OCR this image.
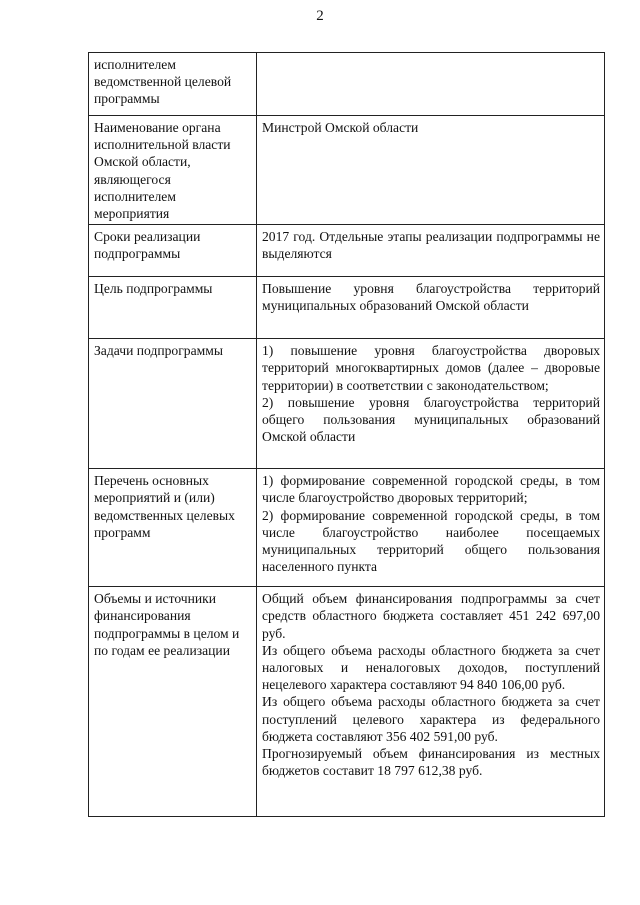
2
исполнителем ведомственной целевой программы	
Наименование органа исполнительной власти Омской области, являющегося исполнителем мероприятия	Минстрой Омской области
Сроки реализации подпрограммы	2017 год. Отдельные этапы реализации подпрограммы не выделяются
Цель подпрограммы	Повышение уровня благоустройства территорий муниципальных образований Омской области
Задачи подпрограммы	1) повышение уровня благоустройства дворовых территорий многоквартирных домов (далее – дворовые территории) в соответствии с законодательством;
2) повышение уровня благоустройства территорий общего пользования муниципальных образований Омской области

Перечень основных мероприятий и (или) ведомственных целевых программ	1) формирование современной городской среды, в том числе благоустройство дворовых территорий;
2) формирование современной городской среды, в том числе благоустройство наиболее посещаемых муниципальных территорий общего пользования населенного пункта

Объемы и источники финансирования подпрограммы в целом и по годам ее реализации	Общий объем финансирования подпрограммы за счет средств областного бюджета составляет 451 242 697,00 руб.
Из общего объема расходы областного бюджета за счет налоговых и неналоговых доходов, поступлений нецелевого характера составляют 94 840 106,00 руб.
Из общего объема расходы областного бюджета за счет поступлений целевого характера из федерального бюджета составляют 356 402 591,00 руб.
Прогнозируемый объем финансирования из местных бюджетов составит 18 797 612,38 руб.
